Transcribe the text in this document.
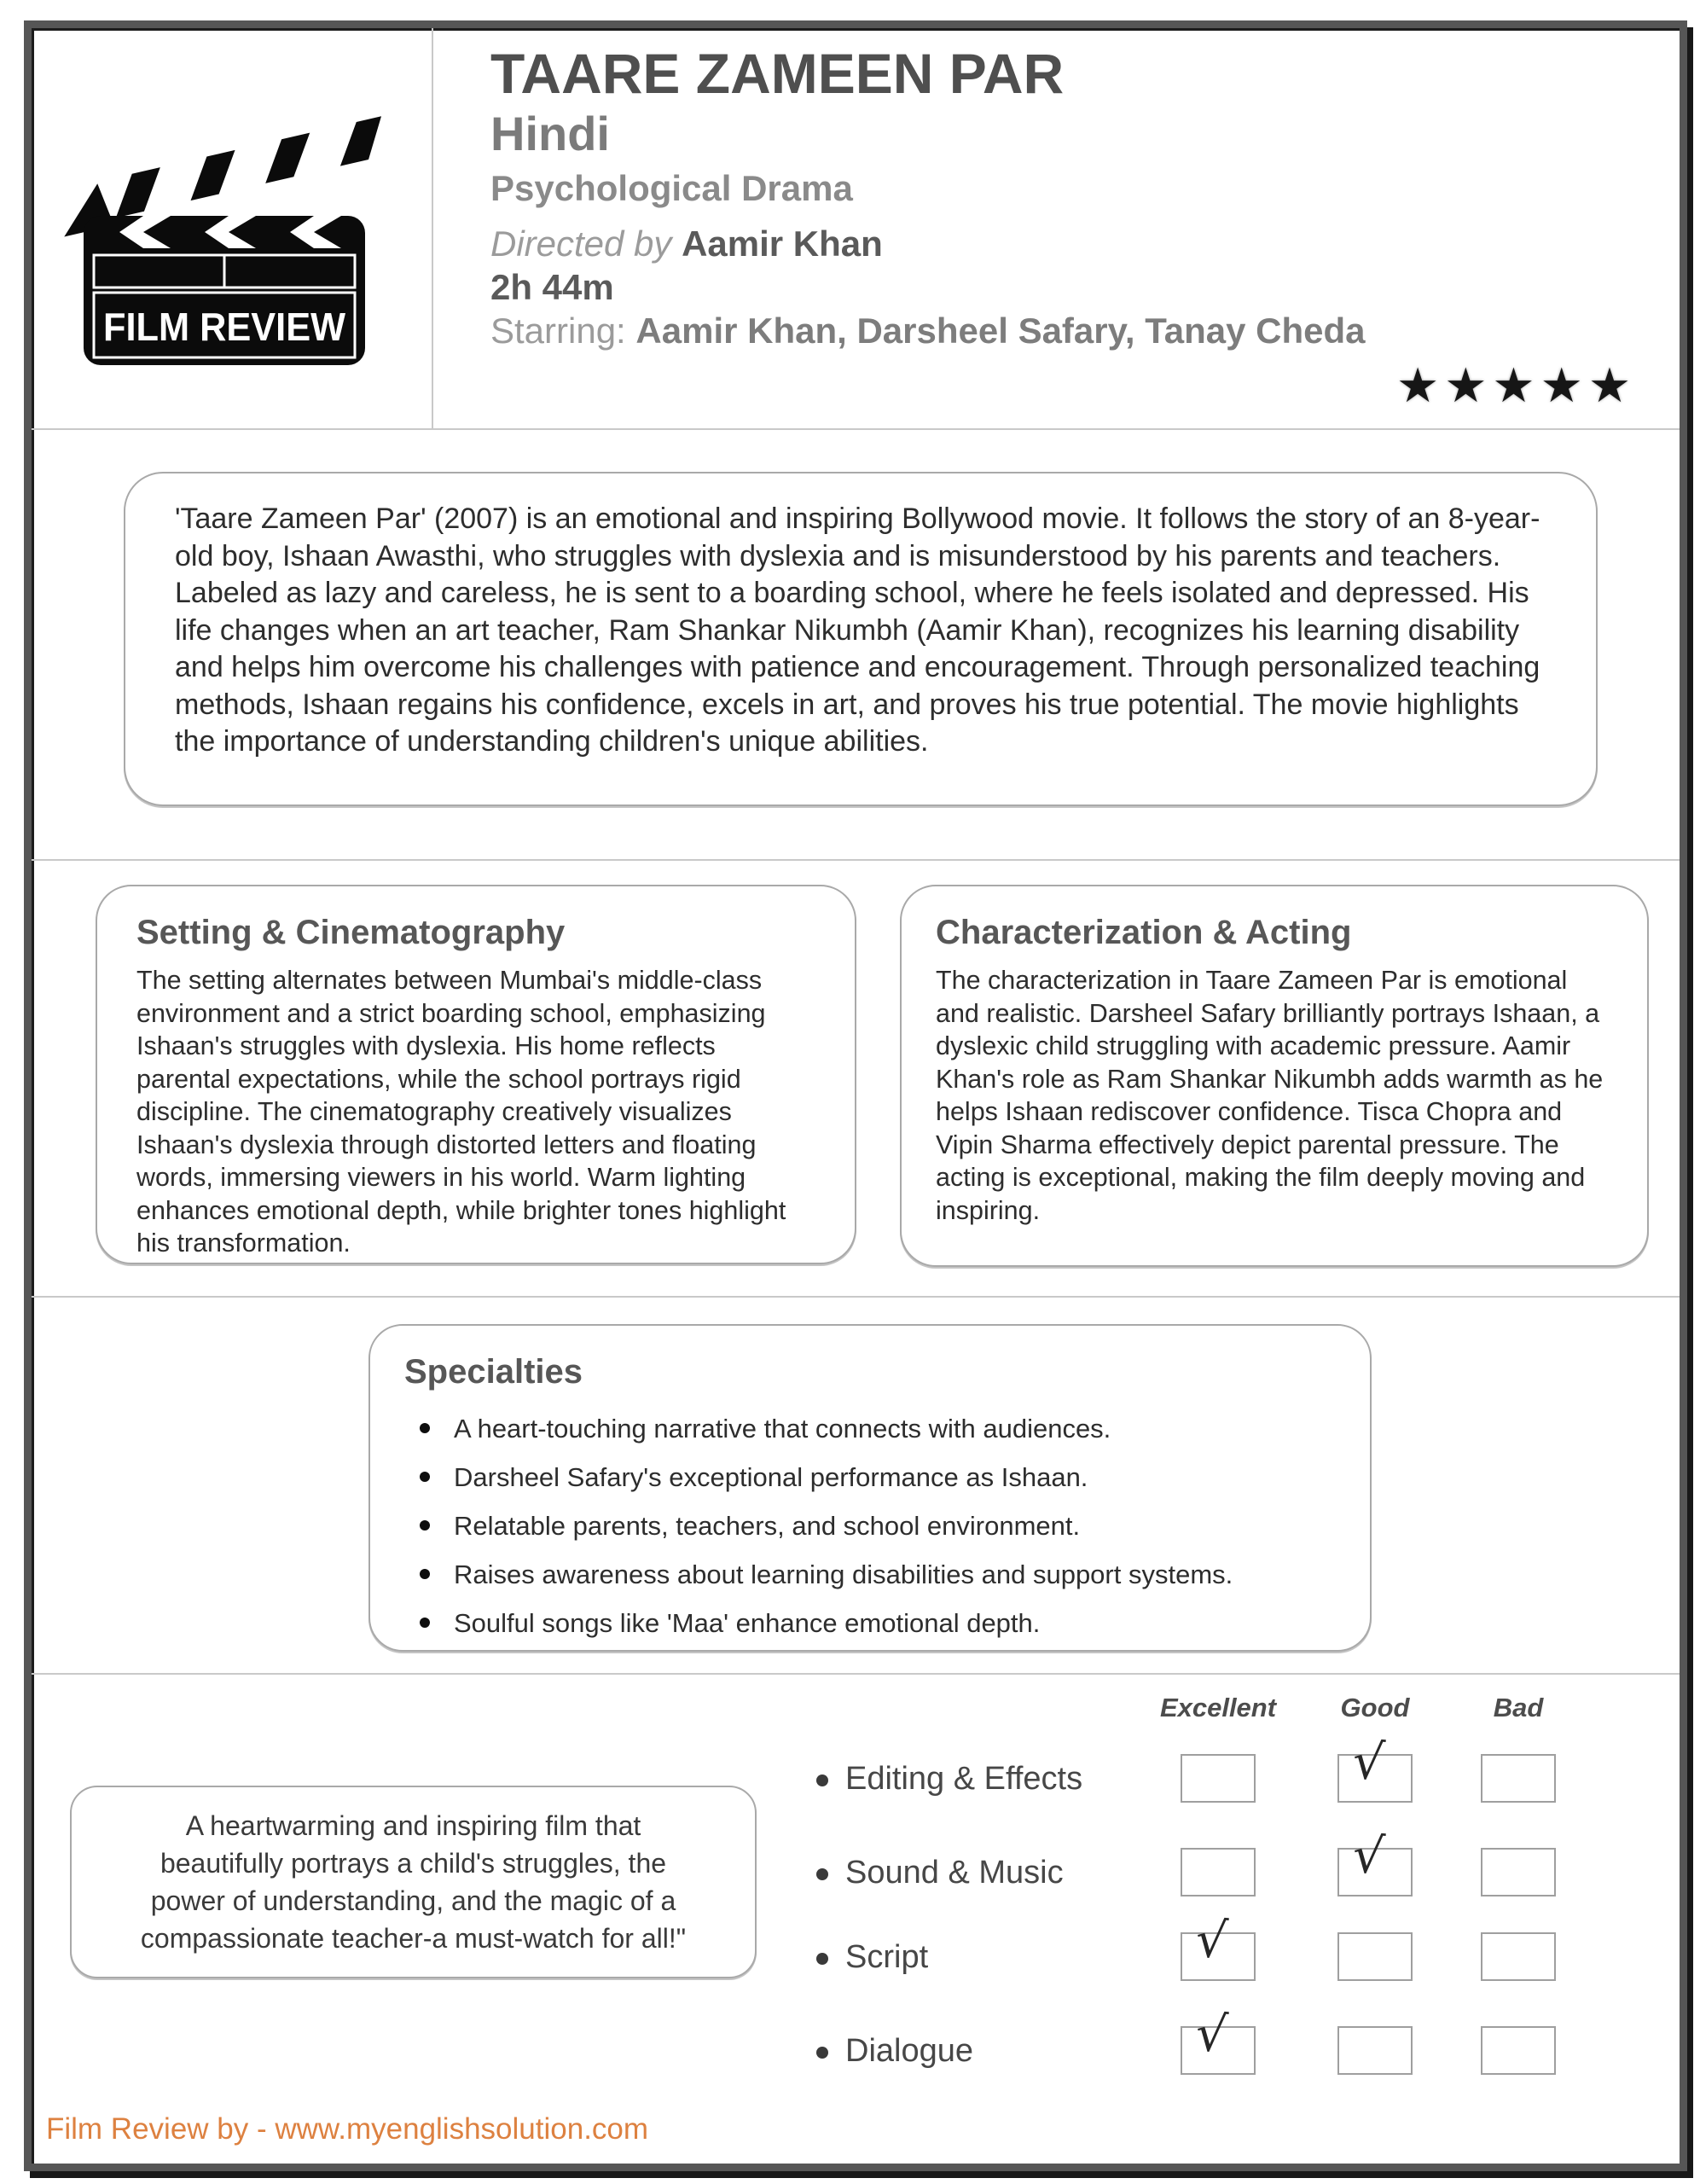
FILM REVIEW
TAARE ZAMEEN PAR
Hindi
Psychological Drama
Directed by Aamir Khan
2h 44m
Starring: Aamir Khan, Darsheel Safary, Tanay Cheda
★★★★★

'Taare Zameen Par' (2007) is an emotional and inspiring Bollywood movie. It follows the story of an 8-year-old boy, Ishaan Awasthi, who struggles with dyslexia and is misunderstood by his parents and teachers. Labeled as lazy and careless, he is sent to a boarding school, where he feels isolated and depressed. His life changes when an art teacher, Ram Shankar Nikumbh (Aamir Khan), recognizes his learning disability and helps him overcome his challenges with patience and encouragement. Through personalized teaching methods, Ishaan regains his confidence, excels in art, and proves his true potential. The movie highlights the importance of understanding children's unique abilities.

Setting & Cinematography

The setting alternates between Mumbai's middle-class environment and a strict boarding school, emphasizing Ishaan's struggles with dyslexia. His home reflects parental expectations, while the school portrays rigid discipline. The cinematography creatively visualizes Ishaan's dyslexia through distorted letters and floating words, immersing viewers in his world. Warm lighting enhances emotional depth, while brighter tones highlight his transformation.

Characterization & Acting

The characterization in Taare Zameen Par is emotional and realistic. Darsheel Safary brilliantly portrays Ishaan, a dyslexic child struggling with academic pressure. Aamir Khan's role as Ram Shankar Nikumbh adds warmth as he helps Ishaan rediscover confidence. Tisca Chopra and Vipin Sharma effectively depict parental pressure. The acting is exceptional, making the film deeply moving and inspiring.

Specialties
A heart-touching narrative that connects with audiences.
Darsheel Safary's exceptional performance as Ishaan.
Relatable parents, teachers, and school environment.
Raises awareness about learning disabilities and support systems.
Soulful songs like 'Maa' enhance emotional depth.

A heartwarming and inspiring film that beautifully portrays a child's struggles, the power of understanding, and the magic of a compassionate teacher-a must-watch for all!"

Excellent	Good	Bad
Editing & Effects
Sound & Music
Script
Dialogue
√
√
√
√
Film Review by - www.myenglishsolution.com
